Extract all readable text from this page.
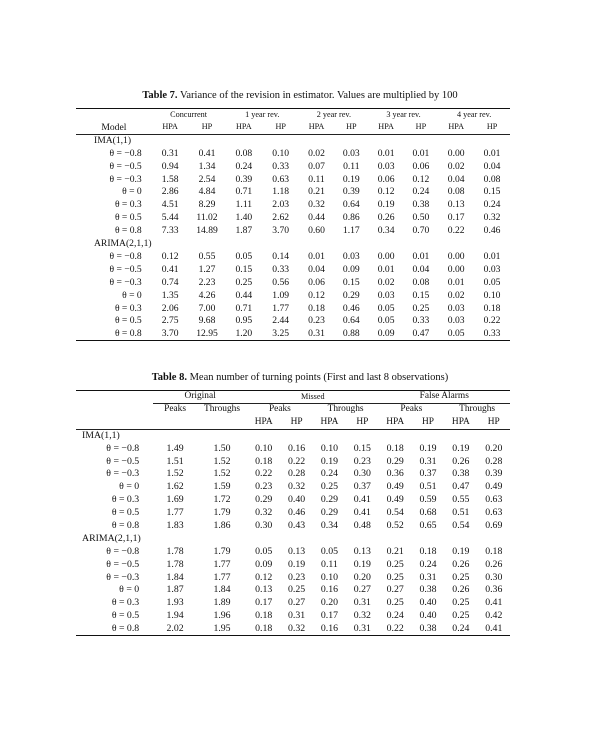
Table 7. Variance of the revision in estimator. Values are multiplied by 100
	Concurrent		1 year rev.		2 year rev.		3 year rev.		4 year rev.	
Model	HPA	HP	HPA	HP	HPA	HP	HPA	HP	HPA	HP
IMA(1,1)										
θ = −0.8	0.31	0.41	0.08	0.10	0.02	0.03	0.01	0.01	0.00	0.01
θ = −0.5	0.94	1.34	0.24	0.33	0.07	0.11	0.03	0.06	0.02	0.04
θ = −0.3	1.58	2.54	0.39	0.63	0.11	0.19	0.06	0.12	0.04	0.08
θ = 0	2.86	4.84	0.71	1.18	0.21	0.39	0.12	0.24	0.08	0.15
θ = 0.3	4.51	8.29	1.11	2.03	0.32	0.64	0.19	0.38	0.13	0.24
θ = 0.5	5.44	11.02	1.40	2.62	0.44	0.86	0.26	0.50	0.17	0.32
θ = 0.8	7.33	14.89	1.87	3.70	0.60	1.17	0.34	0.70	0.22	0.46
ARIMA(2,1,1)										
θ = −0.8	0.12	0.55	0.05	0.14	0.01	0.03	0.00	0.01	0.00	0.01
θ = −0.5	0.41	1.27	0.15	0.33	0.04	0.09	0.01	0.04	0.00	0.03
θ = −0.3	0.74	2.23	0.25	0.56	0.06	0.15	0.02	0.08	0.01	0.05
θ = 0	1.35	4.26	0.44	1.09	0.12	0.29	0.03	0.15	0.02	0.10
θ = 0.3	2.06	7.00	0.71	1.77	0.18	0.46	0.05	0.25	0.03	0.18
θ = 0.5	2.75	9.68	0.95	2.44	0.23	0.64	0.05	0.33	0.03	0.22
θ = 0.8	3.70	12.95	1.20	3.25	0.31	0.88	0.09	0.47	0.05	0.33
Table 8. Mean number of turning points (First and last 8 observations)
	Original		Missed				False Alarms			
	Peaks	Throughs	Peaks		Throughs		Peaks		Throughs	
			HPA	HP	HPA	HP	HPA	HP	HPA	HP
IMA(1,1)										
θ = −0.8	1.49	1.50	0.10	0.16	0.10	0.15	0.18	0.19	0.19	0.20
θ = −0.5	1.51	1.52	0.18	0.22	0.19	0.23	0.29	0.31	0.26	0.28
θ = −0.3	1.52	1.52	0.22	0.28	0.24	0.30	0.36	0.37	0.38	0.39
θ = 0	1.62	1.59	0.23	0.32	0.25	0.37	0.49	0.51	0.47	0.49
θ = 0.3	1.69	1.72	0.29	0.40	0.29	0.41	0.49	0.59	0.55	0.63
θ = 0.5	1.77	1.79	0.32	0.46	0.29	0.41	0.54	0.68	0.51	0.63
θ = 0.8	1.83	1.86	0.30	0.43	0.34	0.48	0.52	0.65	0.54	0.69
ARIMA(2,1,1)										
θ = −0.8	1.78	1.79	0.05	0.13	0.05	0.13	0.21	0.18	0.19	0.18
θ = −0.5	1.78	1.77	0.09	0.19	0.11	0.19	0.25	0.24	0.26	0.26
θ = −0.3	1.84	1.77	0.12	0.23	0.10	0.20	0.25	0.31	0.25	0.30
θ = 0	1.87	1.84	0.13	0.25	0.16	0.27	0.27	0.38	0.26	0.36
θ = 0.3	1.93	1.89	0.17	0.27	0.20	0.31	0.25	0.40	0.25	0.41
θ = 0.5	1.94	1.96	0.18	0.31	0.17	0.32	0.24	0.40	0.25	0.42
θ = 0.8	2.02	1.95	0.18	0.32	0.16	0.31	0.22	0.38	0.24	0.41
